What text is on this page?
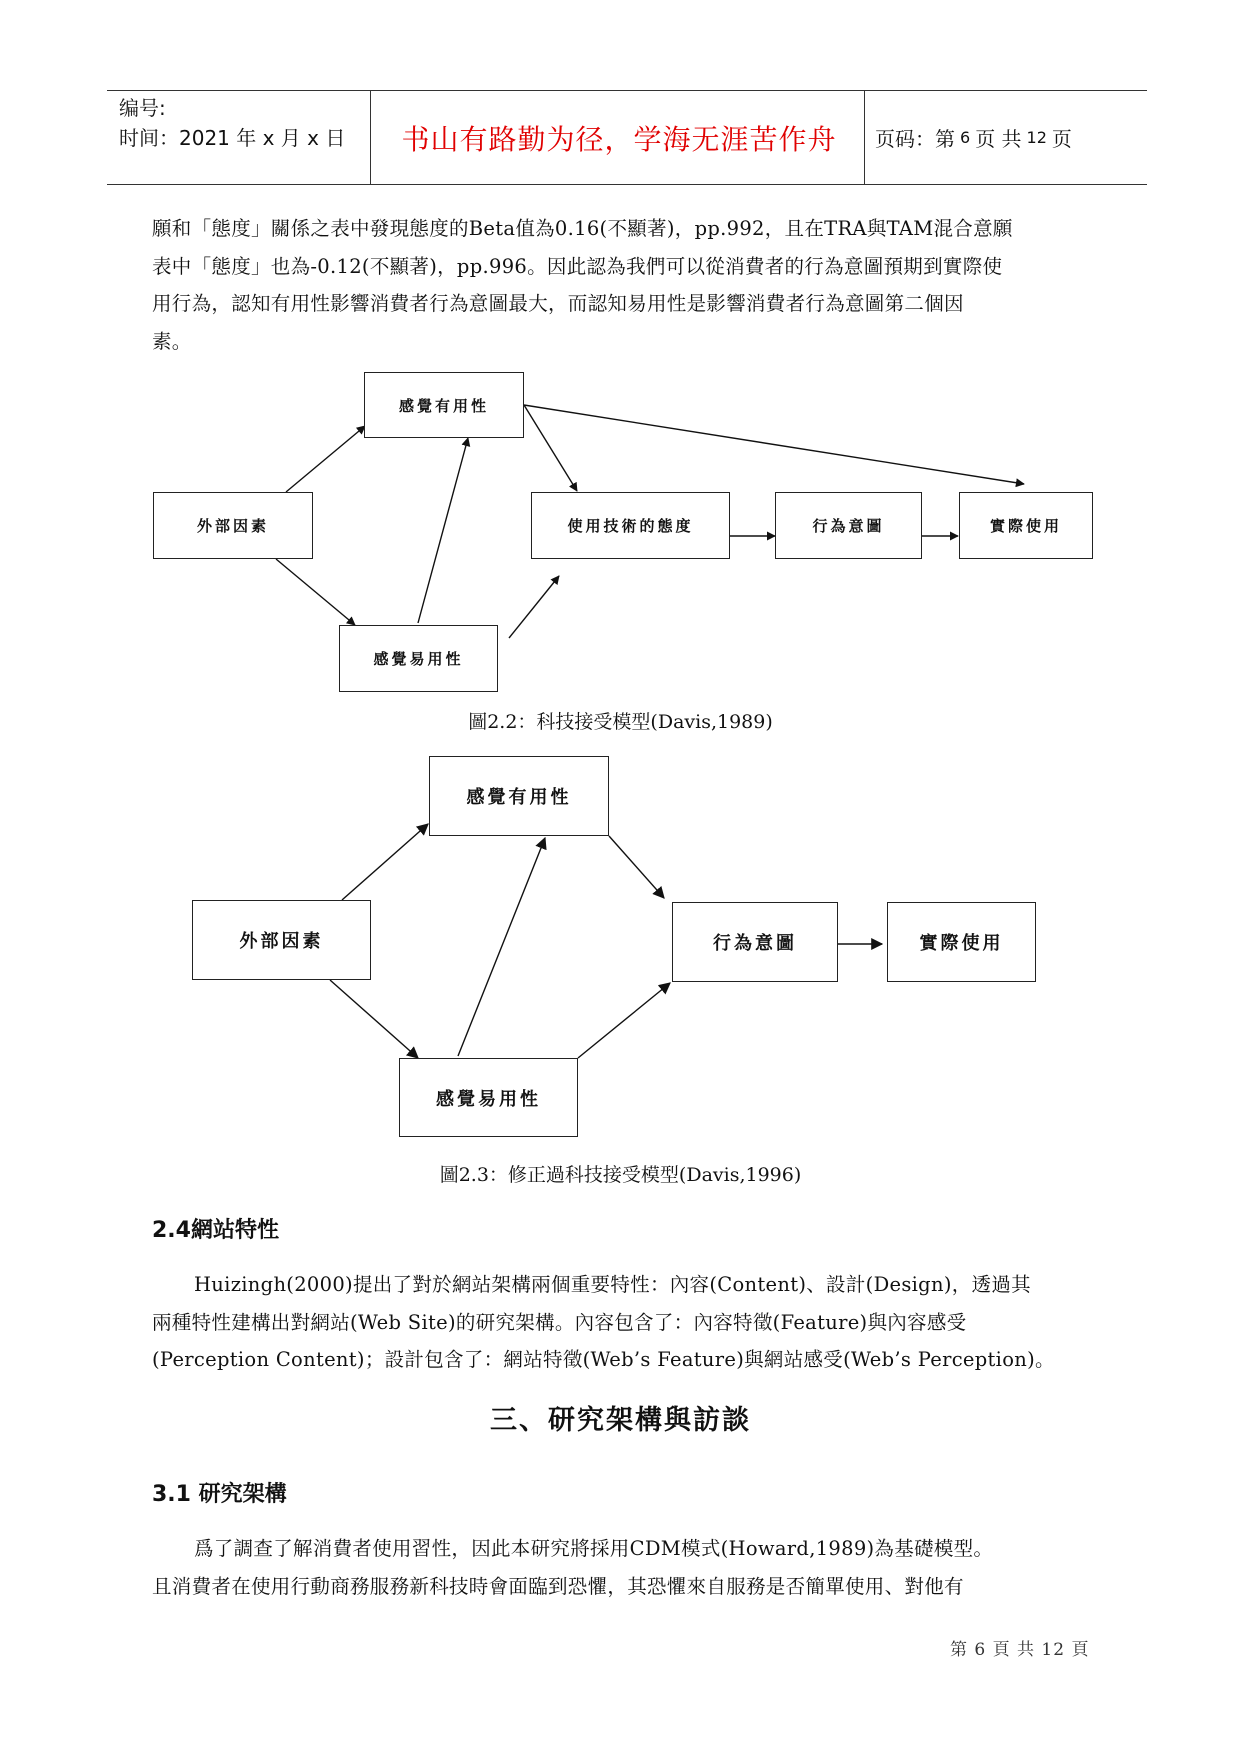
编号:
时间：2021 年 x 月 x 日	书山有路勤为径，学海无涯苦作舟	页码：第 6 页 共 12 页

願和「態度」關係之表中發現態度的Beta值為0.16(不顯著)，pp.992，且在TRA與TAM混合意願
表中「態度」也為-0.12(不顯著)，pp.996。因此認為我們可以從消費者的行為意圖預期到實際使
用行為，認知有用性影響消費者行為意圖最大，而認知易用性是影響消費者行為意圖第二個因
素。

感覺有用性
外部因素	使用技術的態度	行為意圖	實際使用
感覺易用性
圖2.2：科技接受模型(Davis,1989)
感覺有用性
外部因素	行為意圖	實際使用
感覺易用性
圖2.3：修正過科技接受模型(Davis,1996)
2.4網站特性

Huizingh(2000)提出了對於網站架構兩個重要特性：內容(Content)、設計(Design)，透過其
兩種特性建構出對網站(Web Site)的研究架構。內容包含了：內容特徵(Feature)與內容感受
(Perception Content)；設計包含了：網站特徵(Web’s Feature)與網站感受(Web’s Perception)。

三、研究架構與訪談
3.1 研究架構

爲了調查了解消費者使用習性，因此本研究將採用CDM模式(Howard,1989)為基礎模型。
且消費者在使用行動商務服務新科技時會面臨到恐懼，其恐懼來自服務是否簡單使用、對他有

第 6 頁 共 12 頁
